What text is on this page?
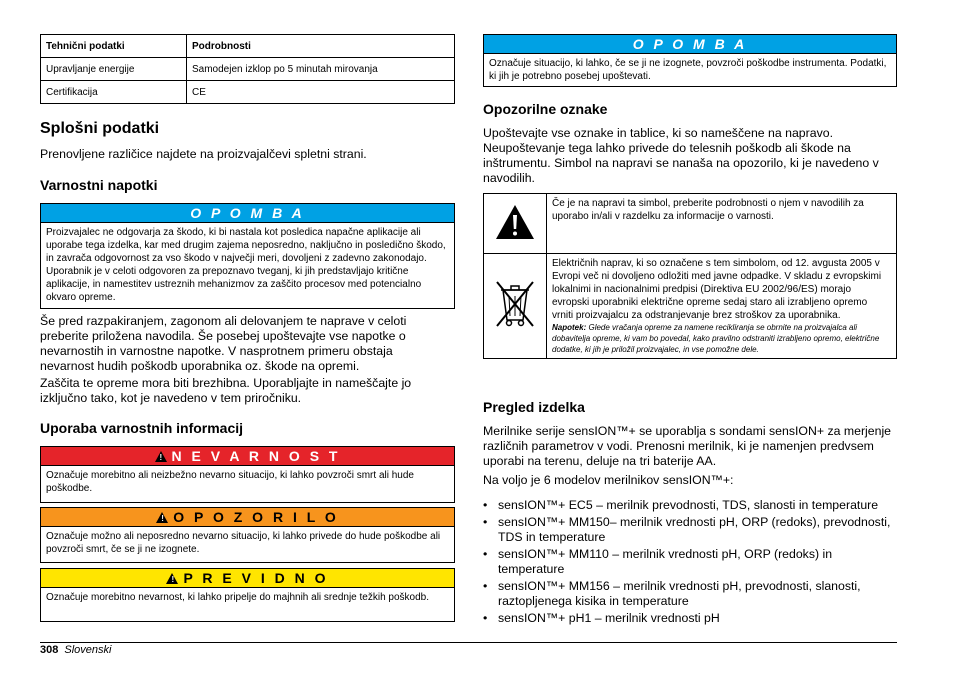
Tehnični podatki	Podrobnosti
Upravljanje energije	Samodejen izklop po 5 minutah mirovanja
Certifikacija	CE
Splošni podatki
Prenovljene različice najdete na proizvajalčevi spletni strani.
Varnostni napotki
O P O M B A
Proizvajalec ne odgovarja za škodo, ki bi nastala kot posledica napačne aplikacije ali uporabe tega izdelka, kar med drugim zajema neposredno, naključno in posledično škodo, in zavrača odgovornost za vso škodo v največji meri, dovoljeni z zadevno zakonodajo. Uporabnik je v celoti odgovoren za prepoznavo tveganj, ki jih predstavljajo kritične aplikacije, in namestitev ustreznih mehanizmov za zaščito procesov med potencialno okvaro opreme.
Še pred razpakiranjem, zagonom ali delovanjem te naprave v celoti preberite priložena navodila. Še posebej upoštevajte vse napotke o nevarnostih in varnostne napotke. V nasprotnem primeru obstaja nevarnost hudih poškodb uporabnika oz. škode na opremi.
Zaščita te opreme mora biti brezhibna. Uporabljajte in nameščajte jo izključno tako, kot je navedeno v tem priročniku.
Uporaba varnostnih informacij
! N E V A R N O S T
Označuje morebitno ali neizbežno nevarno situacijo, ki lahko povzroči smrt ali hude poškodbe.
! O P O Z O R I L O
Označuje možno ali neposredno nevarno situacijo, ki lahko privede do hude poškodbe ali povzroči smrt, če se ji ne izognete.
! P R E V I D N O
Označuje morebitno nevarnost, ki lahko pripelje do majhnih ali srednje težkih poškodb.
O P O M B A
Označuje situacijo, ki lahko, če se ji ne izognete, povzroči poškodbe instrumenta. Podatki, ki jih je potrebno posebej upoštevati.
Opozorilne oznake
Upoštevajte vse oznake in tablice, ki so nameščene na napravo. Neupoštevanje tega lahko privede do telesnih poškodb ali škode na inštrumentu. Simbol na napravi se nanaša na opozorilo, ki je navedeno v navodilih.
	Če je na napravi ta simbol, preberite podrobnosti o njem v navodilih za uporabo in/ali v razdelku za informacije o varnosti.

Električnih naprav, ki so označene s tem simbolom, od 12. avgusta 2005 v Evropi več ni dovoljeno odložiti med javne odpadke. V skladu z evropskimi lokalnimi in nacionalnimi predpisi (Direktiva EU 2002/96/ES) morajo evropski uporabniki električne opreme sedaj staro ali izrabljeno opremo vrniti proizvajalcu za odstranjevanje brez stroškov za uporabnika.
Napotek: Glede vračanja opreme za namene recikliranja se obrnite na proizvajalca ali dobavitelja opreme, ki vam bo povedal, kako pravilno odstraniti izrabljeno opremo, električne dodatke, ki jih je priložil proizvajalec, in vse pomožne dele.
Pregled izdelka
Merilnike serije sensION™+ se uporablja s sondami sensION+ za merjenje različnih parametrov v vodi. Prenosni merilnik, ki je namenjen predvsem uporabi na terenu, deluje na tri baterije AA.
Na voljo je 6 modelov merilnikov sensION™+:
• sensION™+ EC5 – merilnik prevodnosti, TDS, slanosti in temperature
• sensION™+ MM150– merilnik vrednosti pH, ORP (redoks), prevodnosti, TDS in temperature
• sensION™+ MM110 – merilnik vrednosti pH, ORP (redoks) in temperature
• sensION™+ MM156 – merilnik vrednosti pH, prevodnosti, slanosti, raztopljenega kisika in temperature
• sensION™+ pH1 – merilnik vrednosti pH
308 Slovenski
